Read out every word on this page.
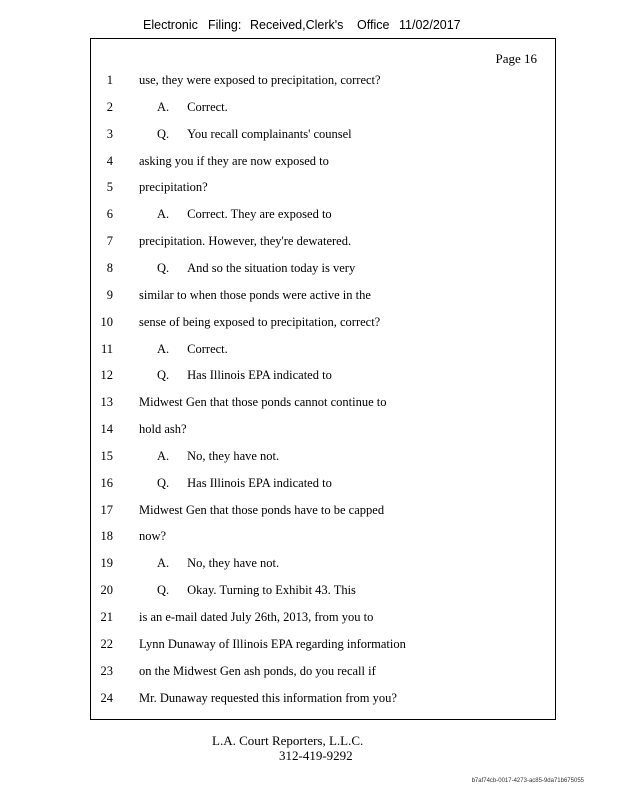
Electronic Filing: Received,Clerk's Office 11/02/2017
Page 16
1 use, they were exposed to precipitation, correct?
2	A. Correct.
3	Q. You recall complainants' counsel
4 asking you if they are now exposed to
5 precipitation?
6	A. Correct. They are exposed to
7 precipitation. However, they're dewatered.
8	Q. And so the situation today is very
9 similar to when those ponds were active in the
10 sense of being exposed to precipitation, correct?
11	A. Correct.
12	Q. Has Illinois EPA indicated to
13 Midwest Gen that those ponds cannot continue to
14 hold ash?
15	A. No, they have not.
16	Q. Has Illinois EPA indicated to
17 Midwest Gen that those ponds have to be capped
18 now?
19	A. No, they have not.
20	Q. Okay. Turning to Exhibit 43. This
21 is an e-mail dated July 26th, 2013, from you to
22 Lynn Dunaway of Illinois EPA regarding information
23 on the Midwest Gen ash ponds, do you recall if
24 Mr. Dunaway requested this information from you?
L.A. Court Reporters, L.L.C.
312-419-9292
b7af74cb-0017-4273-ac85-9da71b675055
